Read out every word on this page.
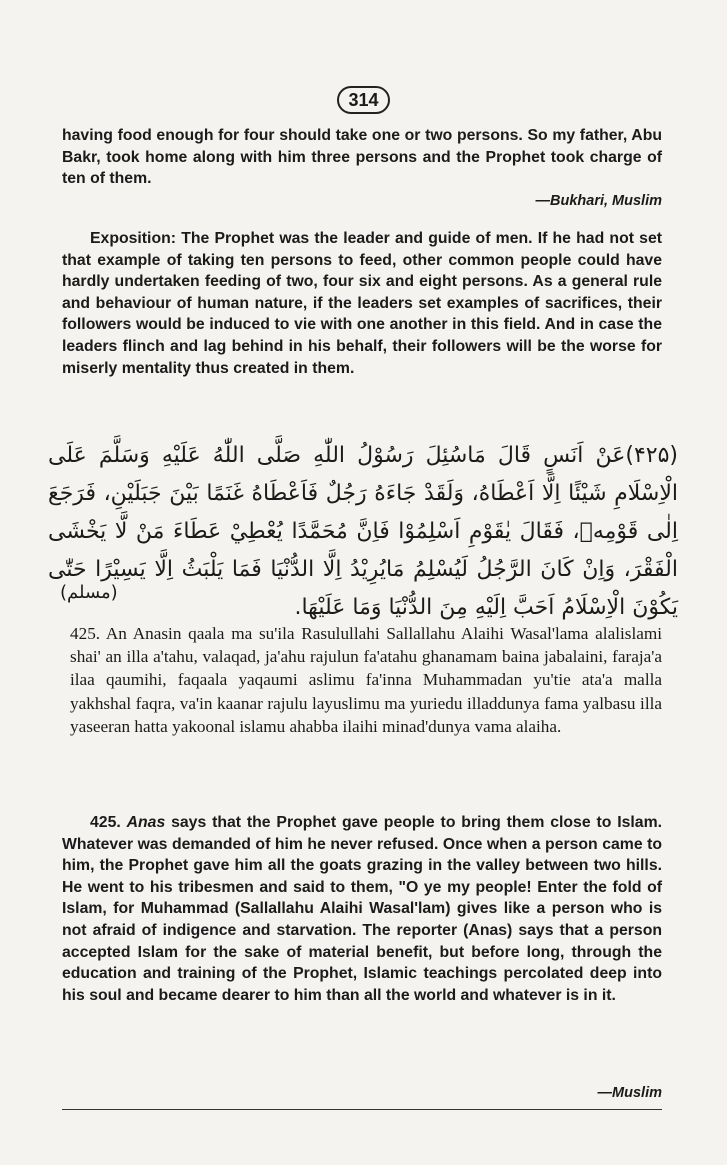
314

having food enough for four should take one or two persons. So my father, Abu Bakr, took home along with him three persons and the Prophet took charge of ten of them.

—Bukhari, Muslim

Exposition: The Prophet was the leader and guide of men. If he had not set that example of taking ten persons to feed, other common people could have hardly undertaken feeding of two, four six and eight persons. As a general rule and behaviour of human nature, if the leaders set examples of sacrifices, their followers would be induced to vie with one another in this field. And in case the leaders flinch and lag behind in his behalf, their followers will be the worse for miserly mentality thus created in them.

(۴۲۵)عَنْ اَنَسٍ قَالَ مَاسُئِلَ رَسُوْلُ اللّٰهِ صَلَّى اللّٰهُ عَلَيْهِ وَسَلَّمَ عَلَى الْاِسْلَامِ شَيْئًا اِلَّا اَعْطَاهُ، وَلَقَدْ جَاءَهُ رَجُلٌ فَاَعْطَاهُ غَنَمًا بَيْنَ جَبَلَيْنِ، فَرَجَعَ اِلٰى قَوْمِهٖ، فَقَالَ يٰقَوْمِ اَسْلِمُوْا فَاِنَّ مُحَمَّدًا يُعْطِيْ عَطَاءَ مَنْ لَّا يَخْشَى الْفَقْرَ، وَاِنْ كَانَ الرَّجُلُ لَيُسْلِمُ مَايُرِيْدُ اِلَّا الدُّنْيَا فَمَا يَلْبَثُ اِلَّا يَسِيْرًا حَتّٰى يَكُوْنَ الْاِسْلَامُ اَحَبَّ اِلَيْهِ مِنَ الدُّنْيَا وَمَا عَلَيْهَا.

(مسلم)

425. An Anasin qaala ma su'ila Rasulullahi Sallallahu Alaihi Wasal'lama alalislami shai' an illa a'tahu, valaqad, ja'ahu rajulun fa'atahu ghanamam baina jabalaini, faraja'a ilaa qaumihi, faqaala yaqaumi aslimu fa'inna Muhammadan yu'tie ata'a malla yakhshal faqra, va'in kaanar rajulu layuslimu ma yuriedu illaddunya fama yalbasu illa yaseeran hatta yakoonal islamu ahabba ilaihi minad'dunya vama alaiha.

425. Anas says that the Prophet gave people to bring them close to Islam. Whatever was demanded of him he never refused. Once when a person came to him, the Prophet gave him all the goats grazing in the valley between two hills. He went to his tribesmen and said to them, "O ye my people! Enter the fold of Islam, for Muhammad (Sallallahu Alaihi Wasal'lam) gives like a person who is not afraid of indigence and starvation. The reporter (Anas) says that a person accepted Islam for the sake of material benefit, but before long, through the education and training of the Prophet, Islamic teachings percolated deep into his soul and became dearer to him than all the world and whatever is in it.

—Muslim
